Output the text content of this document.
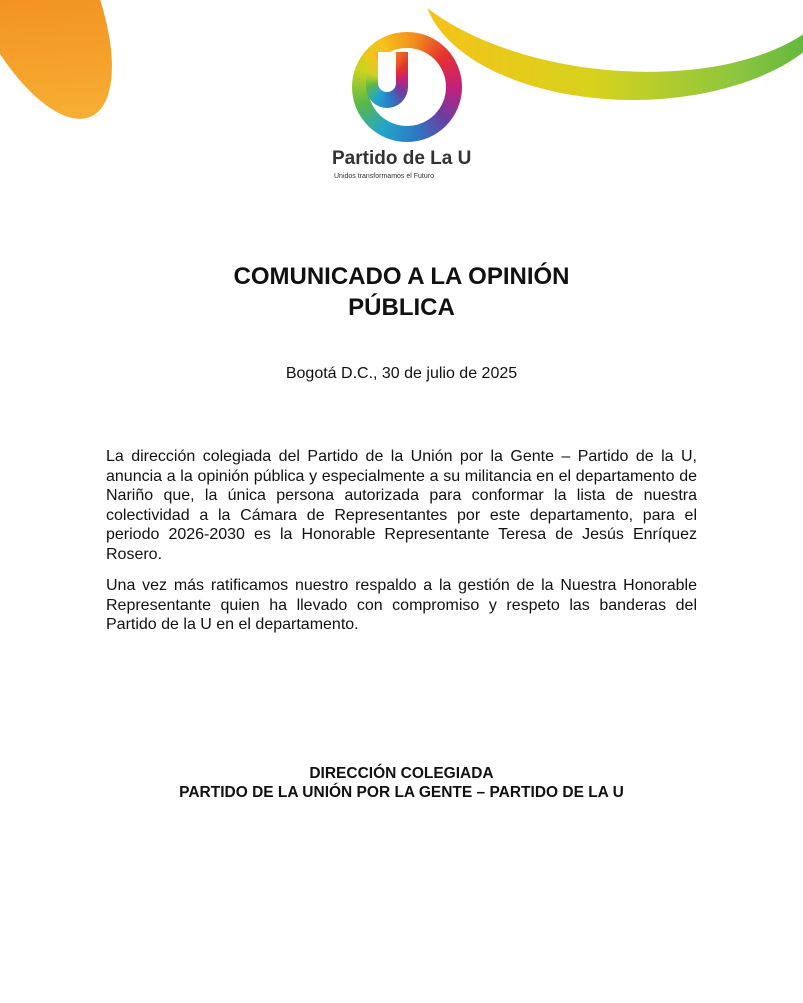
Partido de La U
Unidos transformamos el Futuro
COMUNICADO A LA OPINIÓN
PÚBLICA
Bogotá D.C., 30 de julio de 2025

La dirección colegiada del Partido de la Unión por la Gente – Partido de la U, anuncia a la opinión pública y especialmente a su militancia en el departamento de Nariño que, la única persona autorizada para conformar la lista de nuestra colectividad a la Cámara de Representantes por este departamento, para el periodo 2026-2030 es la Honorable Representante Teresa de Jesús Enríquez Rosero.

Una vez más ratificamos nuestro respaldo a la gestión de la Nuestra Honorable Representante quien ha llevado con compromiso y respeto las banderas del Partido de la U en el departamento.

DIRECCIÓN COLEGIADA
PARTIDO DE LA UNIÓN POR LA GENTE – PARTIDO DE LA U
